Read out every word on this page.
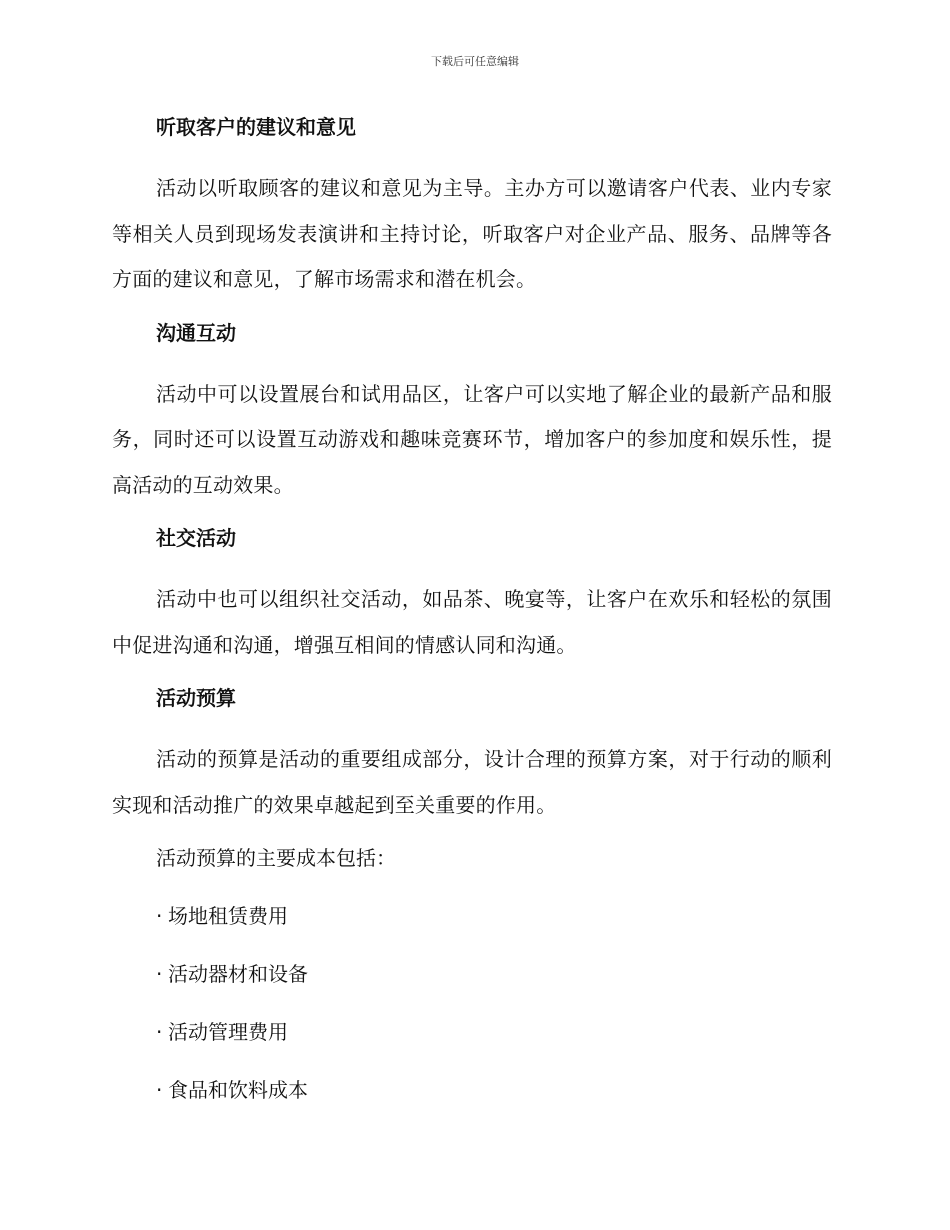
下载后可任意编辑
听取客户的建议和意见

活动以听取顾客的建议和意见为主导。主办方可以邀请客户代表、业内专家等相关人员到现场发表演讲和主持讨论，听取客户对企业产品、服务、品牌等各方面的建议和意见，了解市场需求和潜在机会。

沟通互动

活动中可以设置展台和试用品区，让客户可以实地了解企业的最新产品和服务，同时还可以设置互动游戏和趣味竞赛环节，增加客户的参加度和娱乐性，提高活动的互动效果。

社交活动

活动中也可以组织社交活动，如品茶、晚宴等，让客户在欢乐和轻松的氛围中促进沟通和沟通，增强互相间的情感认同和沟通。

活动预算

活动的预算是活动的重要组成部分，设计合理的预算方案，对于行动的顺利实现和活动推广的效果卓越起到至关重要的作用。

活动预算的主要成本包括：

· 场地租赁费用

· 活动器材和设备

· 活动管理费用

· 食品和饮料成本
